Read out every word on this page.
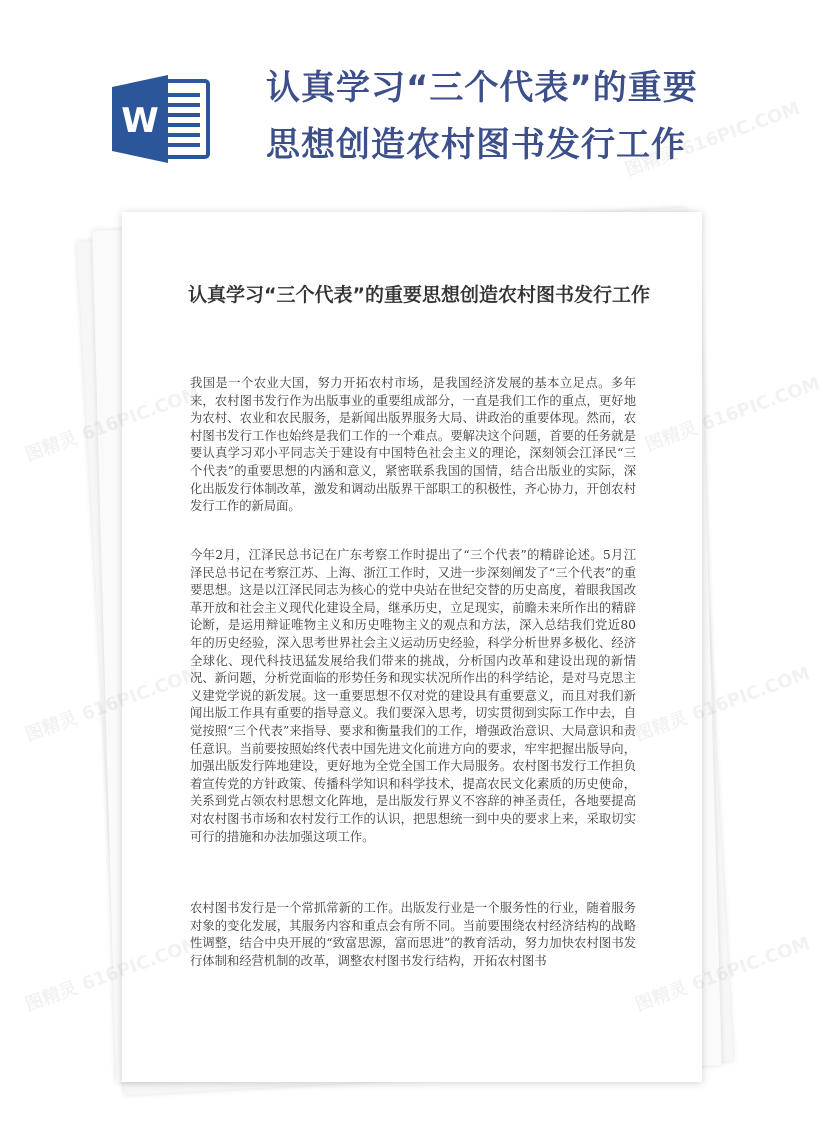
W
认真学习“三个代表”的重要
思想创造农村图书发行工作
认真学习“三个代表”的重要思想创造农村图书发行工作

我国是一个农业大国，努力开拓农村市场，是我国经济发展的基本立足点。多年来，农村图书发行作为出版事业的重要组成部分，一直是我们工作的重点，更好地为农村、农业和农民服务，是新闻出版界服务大局、讲政治的重要体现。然而，农村图书发行工作也始终是我们工作的一个难点。要解决这个问题，首要的任务就是要认真学习邓小平同志关于建设有中国特色社会主义的理论，深刻领会江泽民“三个代表”的重要思想的内涵和意义，紧密联系我国的国情，结合出版业的实际，深化出版发行体制改革，激发和调动出版界干部职工的积极性，齐心协力，开创农村发行工作的新局面。

今年2月，江泽民总书记在广东考察工作时提出了“三个代表”的精辟论述。5月江泽民总书记在考察江苏、上海、浙江工作时，又进一步深刻阐发了“三个代表”的重要思想。这是以江泽民同志为核心的党中央站在世纪交替的历史高度，着眼我国改革开放和社会主义现代化建设全局，继承历史，立足现实，前瞻未来所作出的精辟论断，是运用辩证唯物主义和历史唯物主义的观点和方法，深入总结我们党近80年的历史经验，深入思考世界社会主义运动历史经验，科学分析世界多极化、经济全球化、现代科技迅猛发展给我们带来的挑战，分析国内改革和建设出现的新情况、新问题，分析党面临的形势任务和现实状况所作出的科学结论，是对马克思主义建党学说的新发展。这一重要思想不仅对党的建设具有重要意义，而且对我们新闻出版工作具有重要的指导意义。我们要深入思考，切实贯彻到实际工作中去，自觉按照“三个代表”来指导、要求和衡量我们的工作，增强政治意识、大局意识和责任意识。当前要按照始终代表中国先进文化前进方向的要求，牢牢把握出版导向，加强出版发行阵地建设，更好地为全党全国工作大局服务。农村图书发行工作担负着宣传党的方针政策、传播科学知识和科学技术，提高农民文化素质的历史使命，关系到党占领农村思想文化阵地，是出版发行界义不容辞的神圣责任，各地要提高对农村图书市场和农村发行工作的认识，把思想统一到中央的要求上来，采取切实可行的措施和办法加强这项工作。

农村图书发行是一个常抓常新的工作。出版发行业是一个服务性的行业，随着服务对象的变化发展，其服务内容和重点会有所不同。当前要围绕农村经济结构的战略性调整，结合中央开展的“致富思源，富而思进”的教育活动，努力加快农村图书发行体制和经营机制的改革，调整农村图书发行结构，开拓农村图书

图精灵 616PIC.COM
图精灵 616PIC.COM
图精灵
图精灵	图精灵 616PIC.COM
图精灵
616PIC.COM
